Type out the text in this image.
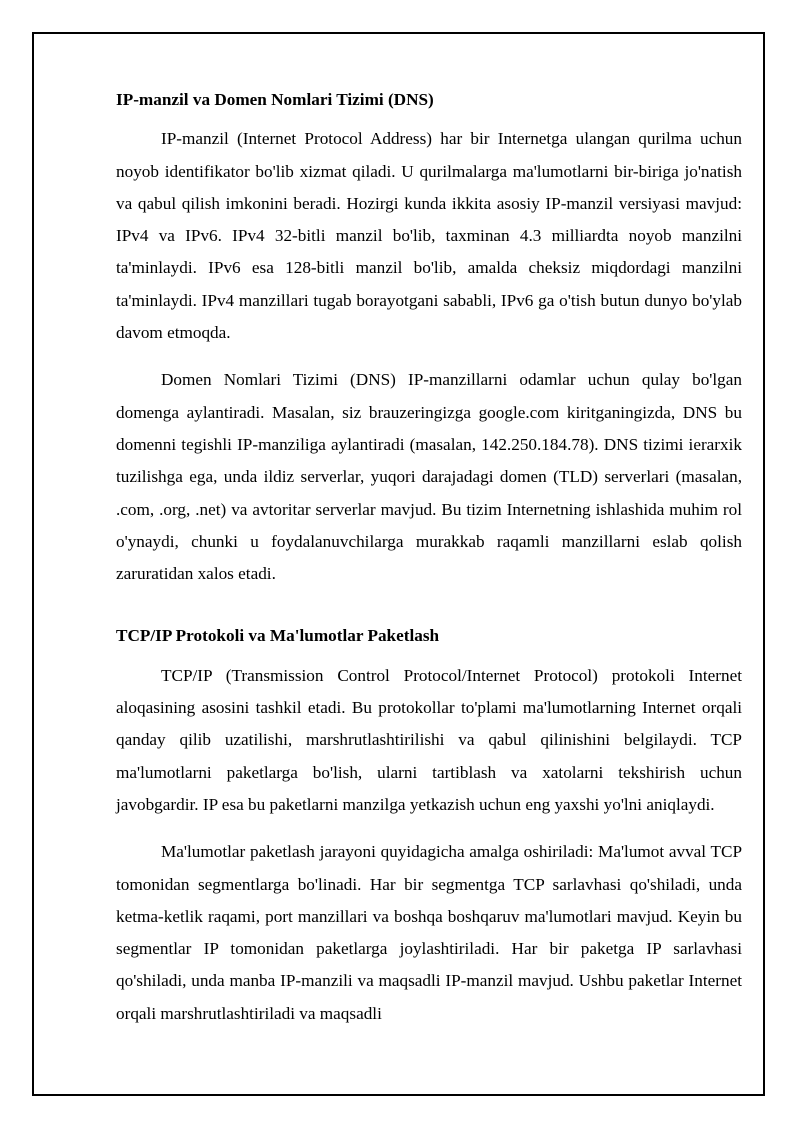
IP-manzil va Domen Nomlari Tizimi (DNS)

IP-manzil (Internet Protocol Address) har bir Internetga ulangan qurilma uchun noyob identifikator bo'lib xizmat qiladi. U qurilmalarga ma'lumotlarni bir-biriga jo'natish va qabul qilish imkonini beradi. Hozirgi kunda ikkita asosiy IP-manzil versiyasi mavjud: IPv4 va IPv6. IPv4 32-bitli manzil bo'lib, taxminan 4.3 milliardta noyob manzilni ta'minlaydi. IPv6 esa 128-bitli manzil bo'lib, amalda cheksiz miqdordagi manzilni ta'minlaydi. IPv4 manzillari tugab borayotgani sababli, IPv6 ga o'tish butun dunyo bo'ylab davom etmoqda.

Domen Nomlari Tizimi (DNS) IP-manzillarni odamlar uchun qulay bo'lgan domenga aylantiradi. Masalan, siz brauzeringizga google.com kiritganingizda, DNS bu domenni tegishli IP-manziliga aylantiradi (masalan, 142.250.184.78). DNS tizimi ierarxik tuzilishga ega, unda ildiz serverlar, yuqori darajadagi domen (TLD) serverlari (masalan, .com, .org, .net) va avtoritar serverlar mavjud. Bu tizim Internetning ishlashida muhim rol o'ynaydi, chunki u foydalanuvchilarga murakkab raqamli manzillarni eslab qolish zaruratidan xalos etadi.

TCP/IP Protokoli va Ma'lumotlar Paketlash

TCP/IP (Transmission Control Protocol/Internet Protocol) protokoli Internet aloqasining asosini tashkil etadi. Bu protokollar to'plami ma'lumotlarning Internet orqali qanday qilib uzatilishi, marshrutlashtirilishi va qabul qilinishini belgilaydi. TCP ma'lumotlarni paketlarga bo'lish, ularni tartiblash va xatolarni tekshirish uchun javobgardir. IP esa bu paketlarni manzilga yetkazish uchun eng yaxshi yo'lni aniqlaydi.

Ma'lumotlar paketlash jarayoni quyidagicha amalga oshiriladi: Ma'lumot avval TCP tomonidan segmentlarga bo'linadi. Har bir segmentga TCP sarlavhasi qo'shiladi, unda ketma-ketlik raqami, port manzillari va boshqa boshqaruv ma'lumotlari mavjud. Keyin bu segmentlar IP tomonidan paketlarga joylashtiriladi. Har bir paketga IP sarlavhasi qo'shiladi, unda manba IP-manzili va maqsadli IP-manzil mavjud. Ushbu paketlar Internet orqali marshrutlashtiriladi va maqsadli
